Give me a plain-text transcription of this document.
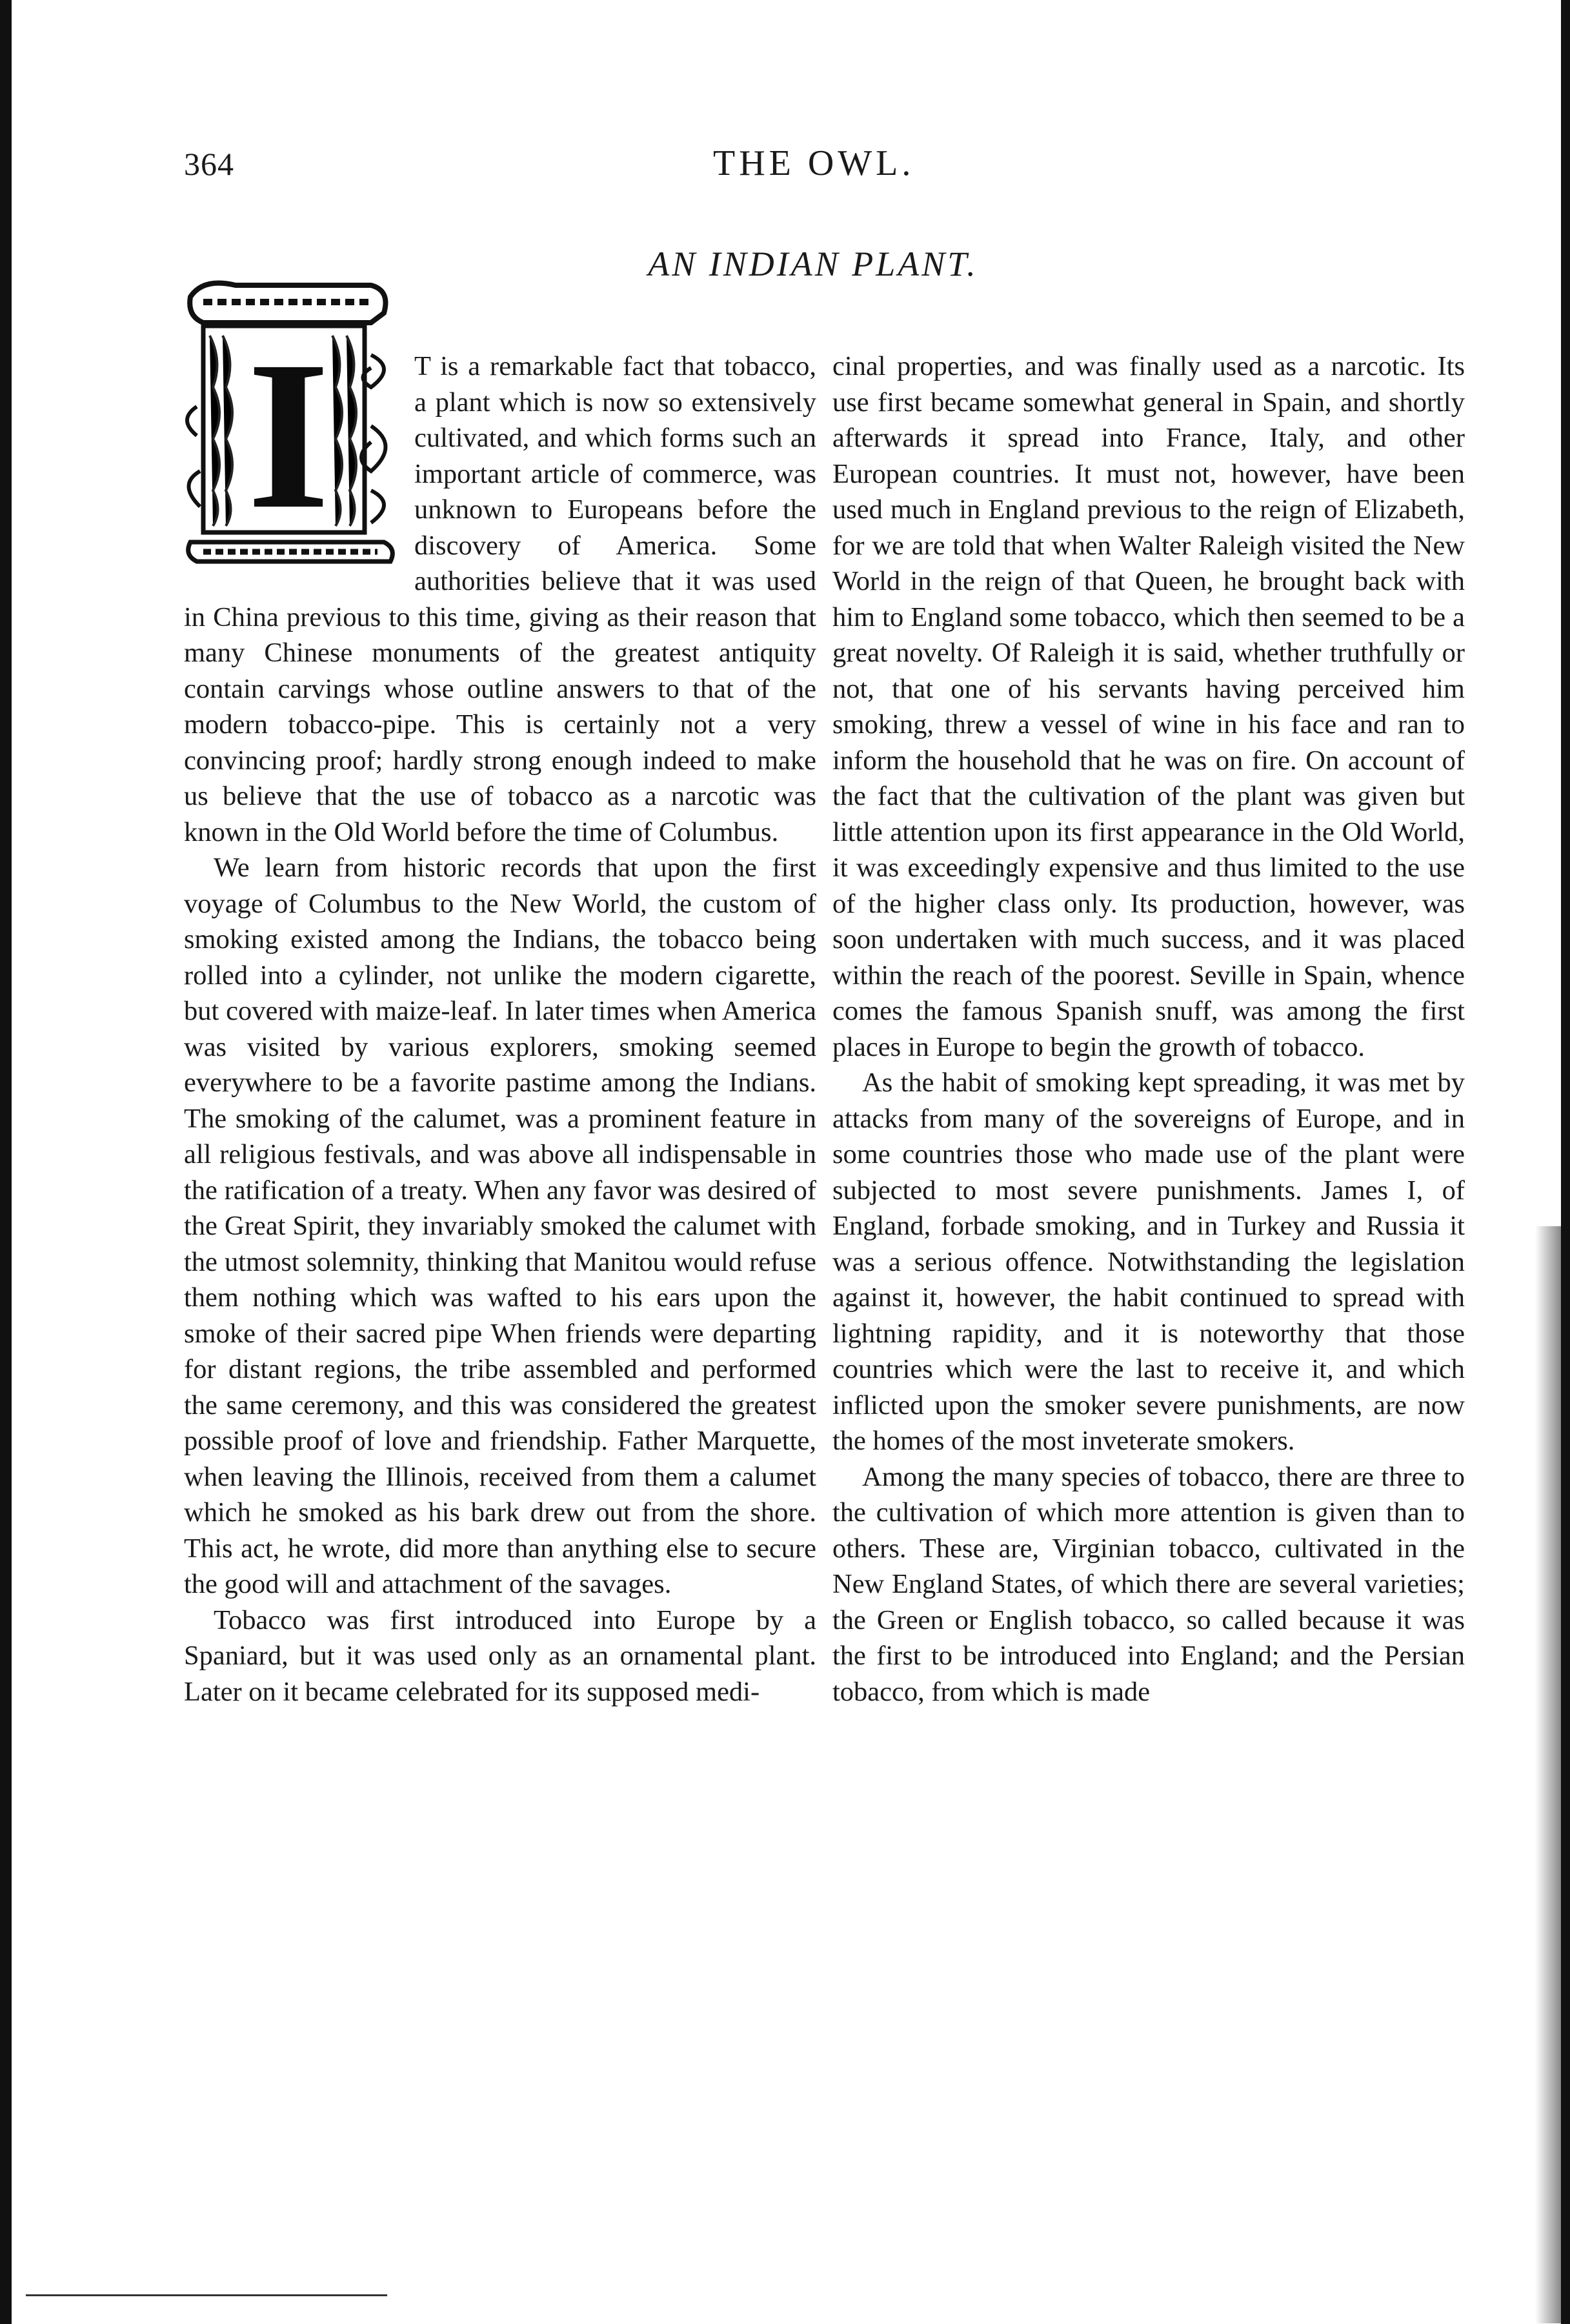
364	THE OWL.
AN INDIAN PLANT.
I	T is a remarkable fact that tobacco, a plant which is now so extensively cultivated, and which forms such an important article of commerce, was unknown to Europeans before the discovery of America. Some authorities believe that it was used in China previous to this time, giving as their reason that many Chinese monuments of the greatest antiquity contain carvings whose outline answers to that of the modern tobacco-pipe. This is certainly not a very convincing proof; hardly strong enough indeed to make us believe that the use of tobacco as a narcotic was known in the Old World before the time of Columbus.

We learn from historic records that upon the first voyage of Columbus to the New World, the custom of smoking existed among the Indians, the tobacco being rolled into a cylinder, not unlike the modern cigarette, but covered with maize-leaf. In later times when America was visited by various explorers, smoking seemed everywhere to be a favorite pastime among the Indians. The smoking of the calumet, was a prominent feature in all religious festivals, and was above all indispensable in the ratification of a treaty. When any favor was desired of the Great Spirit, they invariably smoked the calumet with the utmost solemnity, thinking that Manitou would refuse them nothing which was wafted to his ears upon the smoke of their sacred pipe When friends were departing for distant regions, the tribe assembled and performed the same ceremony, and this was considered the greatest possible proof of love and friendship. Father Marquette, when leaving the Illinois, received from them a calumet which he smoked as his bark drew out from the shore. This act, he wrote, did more than anything else to secure the good will and attachment of the savages.

Tobacco was first introduced into Europe by a Spaniard, but it was used only as an ornamental plant. Later on it became celebrated for its supposed medi-

cinal properties, and was finally used as a narcotic. Its use first became somewhat general in Spain, and shortly afterwards it spread into France, Italy, and other European countries. It must not, however, have been used much in England previous to the reign of Elizabeth, for we are told that when Walter Raleigh visited the New World in the reign of that Queen, he brought back with him to England some tobacco, which then seemed to be a great novelty. Of Raleigh it is said, whether truthfully or not, that one of his servants having perceived him smoking, threw a vessel of wine in his face and ran to inform the household that he was on fire. On account of the fact that the cultivation of the plant was given but little attention upon its first appearance in the Old World, it was exceedingly expensive and thus limited to the use of the higher class only. Its production, however, was soon undertaken with much success, and it was placed within the reach of the poorest. Seville in Spain, whence comes the famous Spanish snuff, was among the first places in Europe to begin the growth of tobacco.

As the habit of smoking kept spreading, it was met by attacks from many of the sovereigns of Europe, and in some countries those who made use of the plant were subjected to most severe punishments. James I, of England, forbade smoking, and in Turkey and Russia it was a serious offence. Notwithstanding the legislation against it, however, the habit continued to spread with lightning rapidity, and it is noteworthy that those countries which were the last to receive it, and which inflicted upon the smoker severe punishments, are now the homes of the most inveterate smokers.

Among the many species of tobacco, there are three to the cultivation of which more attention is given than to others. These are, Virginian tobacco, cultivated in the New England States, of which there are several varieties; the Green or English tobacco, so called because it was the first to be introduced into England; and the Persian tobacco, from which is made
